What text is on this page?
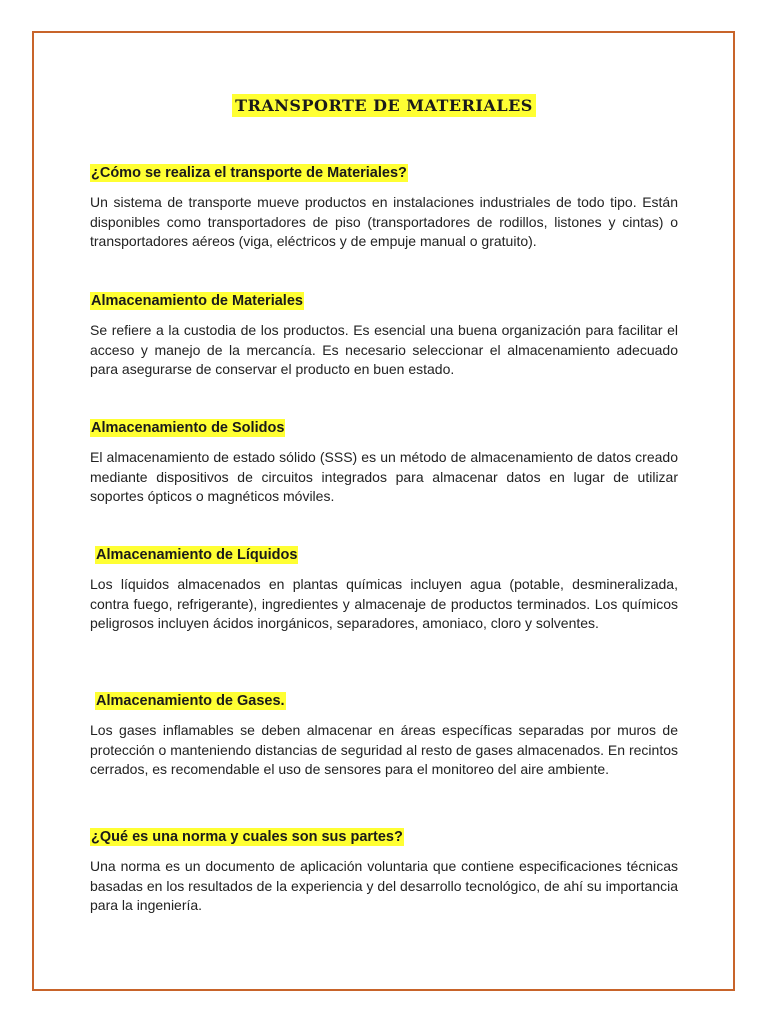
TRANSPORTE DE MATERIALES
¿Cómo se realiza el transporte de Materiales?

Un sistema de transporte mueve productos en instalaciones industriales de todo tipo. Están disponibles como transportadores de piso (transportadores de rodillos, listones y cintas) o transportadores aéreos (viga, eléctricos y de empuje manual o gratuito).

Almacenamiento de Materiales

Se refiere a la custodia de los productos. Es esencial una buena organización para facilitar el acceso y manejo de la mercancía. Es necesario seleccionar el almacenamiento adecuado para asegurarse de conservar el producto en buen estado.

Almacenamiento de Solidos

El almacenamiento de estado sólido (SSS) es un método de almacenamiento de datos creado mediante dispositivos de circuitos integrados para almacenar datos en lugar de utilizar soportes ópticos o magnéticos móviles.

Almacenamiento de Líquidos

Los líquidos almacenados en plantas químicas incluyen agua (potable, desmineralizada, contra fuego, refrigerante), ingredientes y almacenaje de productos terminados. Los químicos peligrosos incluyen ácidos inorgánicos, separadores, amoniaco, cloro y solventes.

Almacenamiento de Gases.

Los gases inflamables se deben almacenar en áreas específicas separadas por muros de protección o manteniendo distancias de seguridad al resto de gases almacenados. En recintos cerrados, es recomendable el uso de sensores para el monitoreo del aire ambiente.

¿Qué es una norma y cuales son sus partes?

Una norma es un documento de aplicación voluntaria que contiene especificaciones técnicas basadas en los resultados de la experiencia y del desarrollo tecnológico, de ahí su importancia para la ingeniería.
